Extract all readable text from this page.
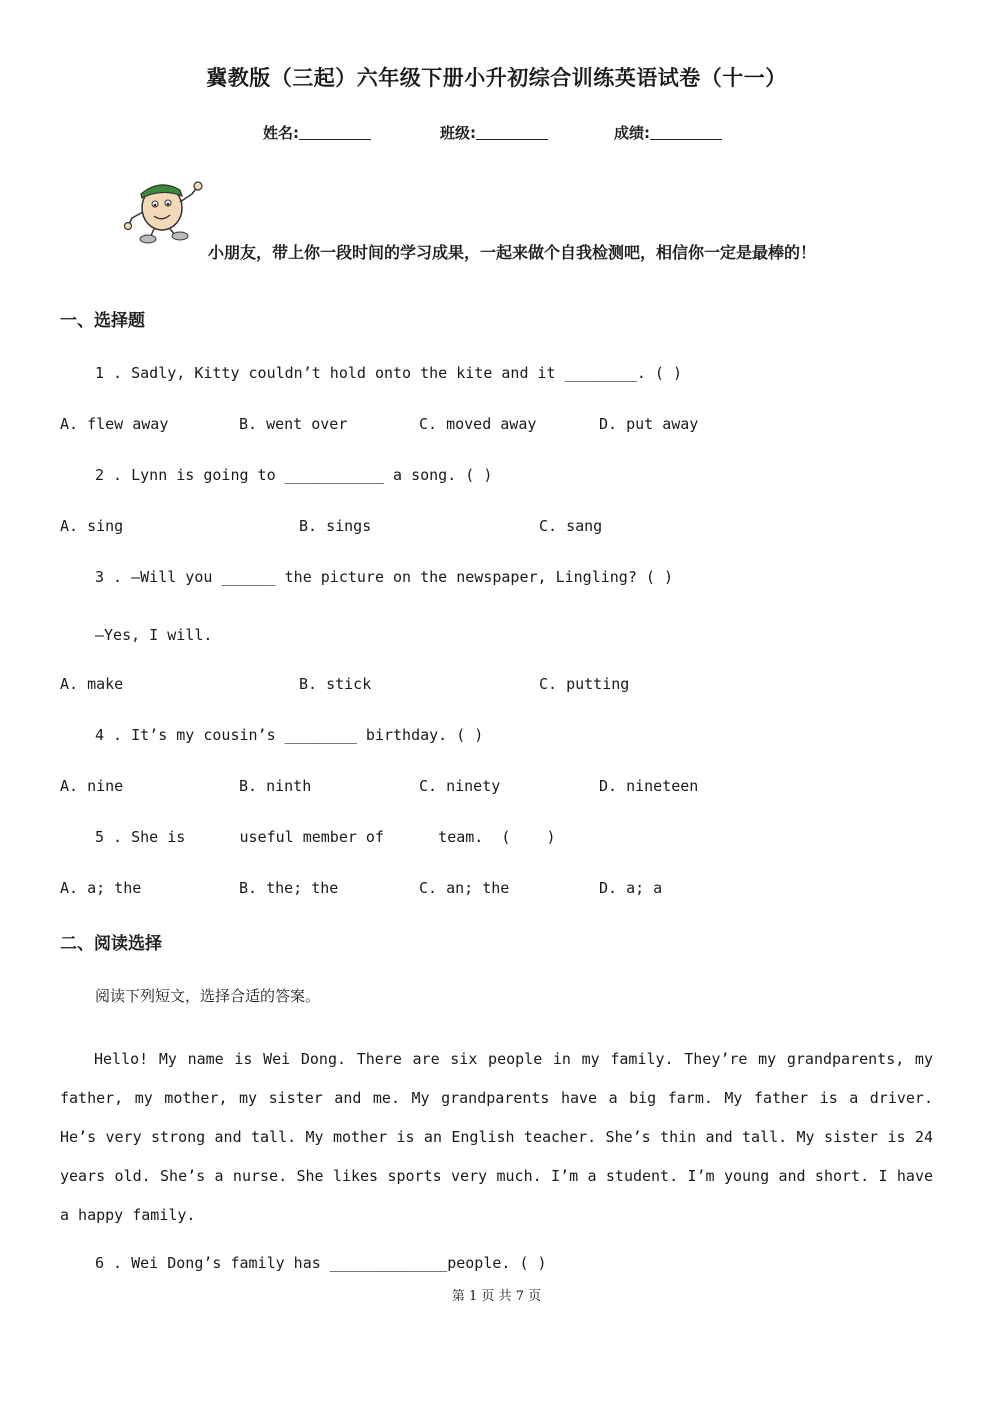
冀教版（三起）六年级下册小升初综合训练英语试卷（十一）
姓名:	班级:	成绩:
小朋友，带上你一段时间的学习成果，一起来做个自我检测吧，相信你一定是最棒的！
一、选择题
1 . Sadly, Kitty couldn’t hold onto the kite and it ________. ( )
A. flew away	B. went over	C. moved away	D. put away
2 . Lynn is going to ___________ a song. ( )
A. sing	B. sings	C. sang
3 . —Will you ______ the picture on the newspaper, Lingling? ( )
—Yes, I will.
A. make	B. stick	C. putting
4 . It’s my cousin’s ________ birthday. ( )
A. nine	B. ninth	C. ninety	D. nineteen
5 . She is      useful member of      team.  (    )
A. a; the	B. the; the	C. an; the	D. a; a
二、阅读选择
阅读下列短文，选择合适的答案。
Hello! My name is Wei Dong. There are six people in my family. They’re my grandparents, my father, my mother, my sister and me. My grandparents have a big farm. My father is a driver. He’s very strong and tall. My mother is an English teacher. She’s thin and tall. My sister is 24 years old. She’s a nurse. She likes sports very much. I’m a student. I’m young and short. I have a happy family.
6 . Wei Dong’s family has _____________people. ( )
第 1 页 共 7 页
